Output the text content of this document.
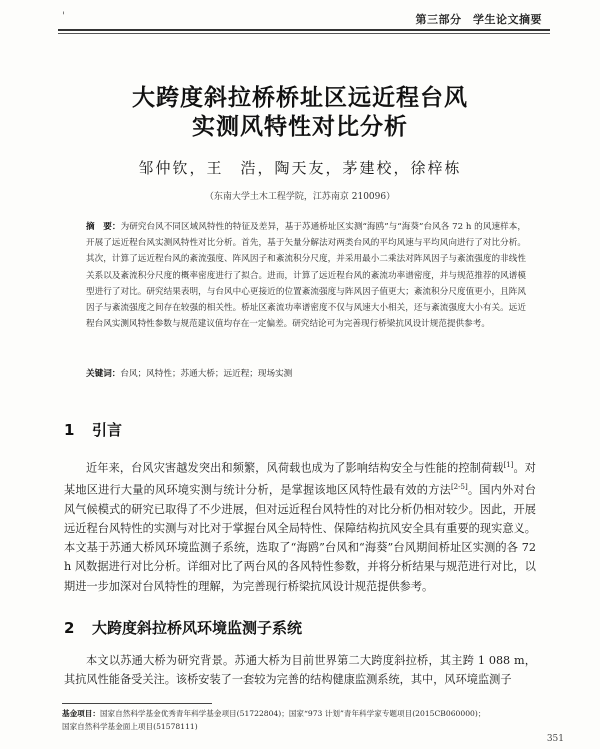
'	第三部分　学生论文摘要
大跨度斜拉桥桥址区远近程台风
实测风特性对比分析
邹仲钦，王　浩，陶天友，茅建校，徐梓栋
（东南大学土木工程学院，江苏南京 210096）
摘　要：为研究台风不同区域风特性的特征及差异，基于苏通桥址区实测“海鸥”与“海葵”台风各 72 h 的风速样本，开展了远近程台风实测风特性对比分析。首先，基于矢量分解法对两类台风的平均风速与平均风向进行了对比分析。其次，计算了远近程台风的紊流强度、阵风因子和紊流积分尺度，并采用最小二乘法对阵风因子与紊流强度的非线性关系以及紊流积分尺度的概率密度进行了拟合。进而，计算了远近程台风的紊流功率谱密度，并与规范推荐的风谱模型进行了对比。研究结果表明，与台风中心更接近的位置紊流强度与阵风因子值更大；紊流积分尺度值更小，且阵风因子与紊流强度之间存在较强的相关性。桥址区紊流功率谱密度不仅与风速大小相关，还与紊流强度大小有关。远近程台风实测风特性参数与规范建议值均存在一定偏差。研究结论可为完善现行桥梁抗风设计规范提供参考。
关键词：台风；风特性；苏通大桥；远近程；现场实测
1 引言
近年来，台风灾害越发突出和频繁，风荷载也成为了影响结构安全与性能的控制荷载[1]。对某地区进行大量的风环境实测与统计分析，是掌握该地区风特性最有效的方法[2-5]。国内外对台风气候模式的研究已取得了不少进展，但对远近程台风特性的对比分析仍相对较少。因此，开展远近程台风特性的实测与对比对于掌握台风全局特性、保障结构抗风安全具有重要的现实意义。本文基于苏通大桥风环境监测子系统，选取了“海鸥”台风和“海葵”台风期间桥址区实测的各 72 h 风数据进行对比分析。详细对比了两台风的各风特性参数，并将分析结果与规范进行对比，以期进一步加深对台风特性的理解，为完善现行桥梁抗风设计规范提供参考。
2 大跨度斜拉桥风环境监测子系统
本文以苏通大桥为研究背景。苏通大桥为目前世界第二大跨度斜拉桥，其主跨 1 088 m，其抗风性能备受关注。该桥安装了一套较为完善的结构健康监测系统，其中，风环境监测子
基金项目：国家自然科学基金优秀青年科学基金项目(51722804)；国家“973 计划”青年科学家专题项目(2015CB060000)；
国家自然科学基金面上项目(51578111)
351
